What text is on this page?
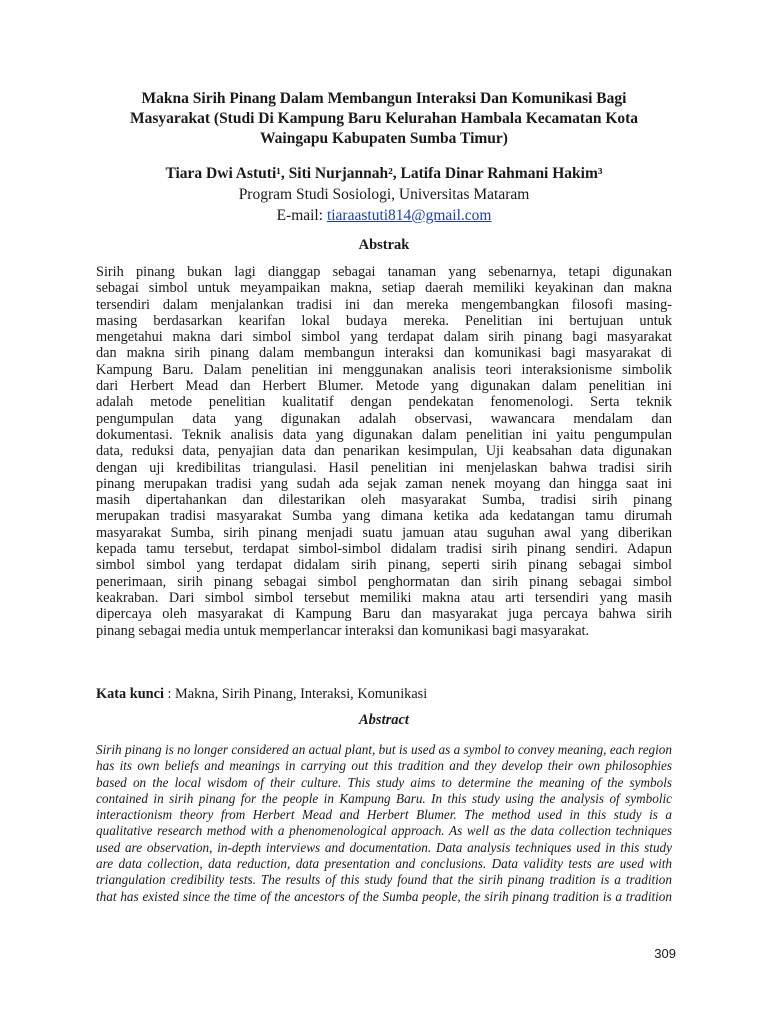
Makna Sirih Pinang Dalam Membangun Interaksi Dan Komunikasi Bagi
Masyarakat (Studi Di Kampung Baru Kelurahan Hambala Kecamatan Kota
Waingapu Kabupaten Sumba Timur)
Tiara Dwi Astuti¹, Siti Nurjannah², Latifa Dinar Rahmani Hakim³
Program Studi Sosiologi, Universitas Mataram
E-mail: tiaraastuti814@gmail.com
Abstrak

Sirih pinang bukan lagi dianggap sebagai tanaman yang sebenarnya, tetapi digunakan
sebagai simbol untuk meyampaikan makna, setiap daerah memiliki keyakinan dan makna
tersendiri dalam menjalankan tradisi ini dan mereka mengembangkan filosofi masing-
masing berdasarkan kearifan lokal budaya mereka. Penelitian ini bertujuan untuk
mengetahui makna dari simbol simbol yang terdapat dalam sirih pinang bagi masyarakat
dan makna sirih pinang dalam membangun interaksi dan komunikasi bagi masyarakat di
Kampung Baru. Dalam penelitian ini menggunakan analisis teori interaksionisme simbolik
dari Herbert Mead dan Herbert Blumer. Metode yang digunakan dalam penelitian ini
adalah metode penelitian kualitatif dengan pendekatan fenomenologi. Serta teknik
pengumpulan data yang digunakan adalah observasi, wawancara mendalam dan
dokumentasi. Teknik analisis data yang digunakan dalam penelitian ini yaitu pengumpulan
data, reduksi data, penyajian data dan penarikan kesimpulan, Uji keabsahan data digunakan
dengan uji kredibilitas triangulasi. Hasil penelitian ini menjelaskan bahwa tradisi sirih
pinang merupakan tradisi yang sudah ada sejak zaman nenek moyang dan hingga saat ini
masih dipertahankan dan dilestarikan oleh masyarakat Sumba, tradisi sirih pinang
merupakan tradisi masyarakat Sumba yang dimana ketika ada kedatangan tamu dirumah
masyarakat Sumba, sirih pinang menjadi suatu jamuan atau suguhan awal yang diberikan
kepada tamu tersebut, terdapat simbol-simbol didalam tradisi sirih pinang sendiri. Adapun
simbol simbol yang terdapat didalam sirih pinang, seperti sirih pinang sebagai simbol
penerimaan, sirih pinang sebagai simbol penghormatan dan sirih pinang sebagai simbol
keakraban. Dari simbol simbol tersebut memiliki makna atau arti tersendiri yang masih
dipercaya oleh masyarakat di Kampung Baru dan masyarakat juga percaya bahwa sirih
pinang sebagai media untuk memperlancar interaksi dan komunikasi bagi masyarakat.

Kata kunci : Makna, Sirih Pinang, Interaksi, Komunikasi
Abstract

Sirih pinang is no longer considered an actual plant, but is used as a symbol to convey meaning, each region
has its own beliefs and meanings in carrying out this tradition and they develop their own philosophies
based on the local wisdom of their culture. This study aims to determine the meaning of the symbols
contained in sirih pinang for the people in Kampung Baru. In this study using the analysis of symbolic
interactionism theory from Herbert Mead and Herbert Blumer. The method used in this study is a
qualitative research method with a phenomenological approach. As well as the data collection techniques
used are observation, in-depth interviews and documentation. Data analysis techniques used in this study
are data collection, data reduction, data presentation and conclusions. Data validity tests are used with
triangulation credibility tests. The results of this study found that the sirih pinang tradition is a tradition
that has existed since the time of the ancestors of the Sumba people, the sirih pinang tradition is a tradition

309
